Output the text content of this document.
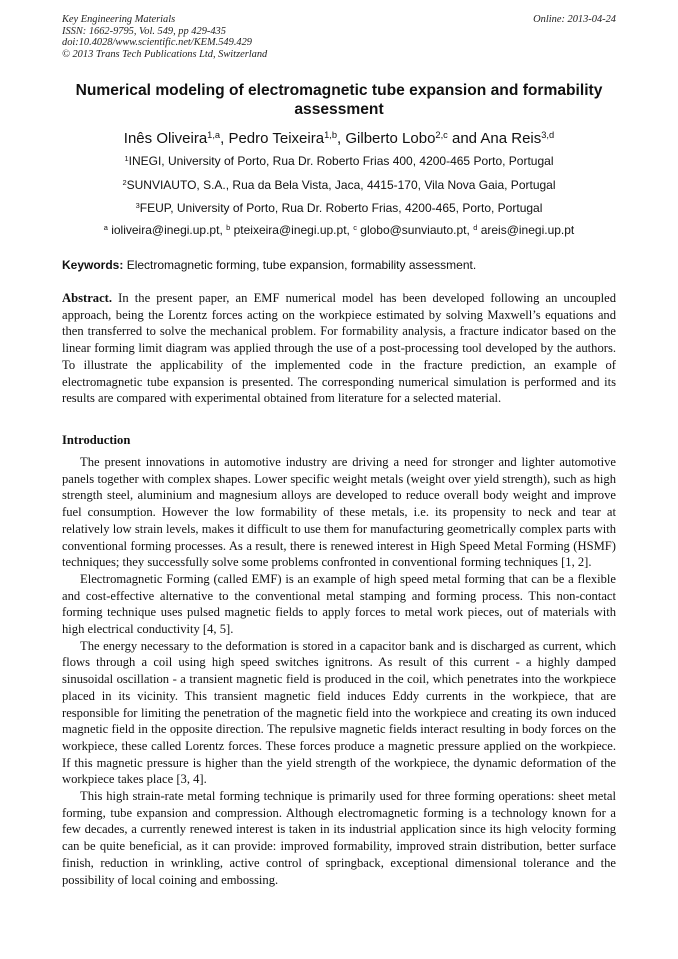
Key Engineering Materials
ISSN: 1662-9795, Vol. 549, pp 429-435
doi:10.4028/www.scientific.net/KEM.549.429
© 2013 Trans Tech Publications Ltd, Switzerland
Online: 2013-04-24
Numerical modeling of electromagnetic tube expansion and formability assessment
Inês Oliveira$^{1,a}$, Pedro Teixeira$^{1,b}$, Gilberto Lobo$^{2,c}$ and Ana Reis$^{3,d}$
$^1$INEGI, University of Porto, Rua Dr. Roberto Frias 400, 4200-465 Porto, Portugal
$^2$SUNVIAUTO, S.A., Rua da Bela Vista, Jaca, 4415-170, Vila Nova Gaia, Portugal
$^3$FEUP, University of Porto, Rua Dr. Roberto Frias, 4200-465, Porto, Portugal
$^a$ ioliveira@inegi.up.pt, $^b$ pteixeira@inegi.up.pt, $^c$ globo@sunviauto.pt, $^d$ areis@inegi.up.pt
Keywords: Electromagnetic forming, tube expansion, formability assessment.
Abstract. In the present paper, an EMF numerical model has been developed following an uncoupled approach, being the Lorentz forces acting on the workpiece estimated by solving Maxwell’s equations and then transferred to solve the mechanical problem. For formability analysis, a fracture indicator based on the linear forming limit diagram was applied through the use of a post-processing tool developed by the authors. To illustrate the applicability of the implemented code in the fracture prediction, an example of electromagnetic tube expansion is presented. The corresponding numerical simulation is performed and its results are compared with experimental obtained from literature for a selected material.
Introduction

The present innovations in automotive industry are driving a need for stronger and lighter automotive panels together with complex shapes. Lower specific weight metals (weight over yield strength), such as high strength steel, aluminium and magnesium alloys are developed to reduce overall body weight and improve fuel consumption. However the low formability of these metals, i.e. its propensity to neck and tear at relatively low strain levels, makes it difficult to use them for manufacturing geometrically complex parts with conventional forming processes. As a result, there is renewed interest in High Speed Metal Forming (HSMF) techniques; they successfully solve some problems confronted in conventional forming techniques [1, 2].

Electromagnetic Forming (called EMF) is an example of high speed metal forming that can be a flexible and cost-effective alternative to the conventional metal stamping and forming process. This non-contact forming technique uses pulsed magnetic fields to apply forces to metal work pieces, out of materials with high electrical conductivity [4, 5].

The energy necessary to the deformation is stored in a capacitor bank and is discharged as current, which flows through a coil using high speed switches ignitrons. As result of this current - a highly damped sinusoidal oscillation - a transient magnetic field is produced in the coil, which penetrates into the workpiece placed in its vicinity. This transient magnetic field induces Eddy currents in the workpiece, that are responsible for limiting the penetration of the magnetic field into the workpiece and creating its own induced magnetic field in the opposite direction. The repulsive magnetic fields interact resulting in body forces on the workpiece, these called Lorentz forces. These forces produce a magnetic pressure applied on the workpiece. If this magnetic pressure is higher than the yield strength of the workpiece, the dynamic deformation of the workpiece takes place [3, 4].

This high strain-rate metal forming technique is primarily used for three forming operations: sheet metal forming, tube expansion and compression. Although electromagnetic forming is a technology known for a few decades, a currently renewed interest is taken in its industrial application since its high velocity forming can be quite beneficial, as it can provide: improved formability, improved strain distribution, better surface finish, reduction in wrinkling, active control of springback, exceptional dimensional tolerance and the possibility of local coining and embossing.
